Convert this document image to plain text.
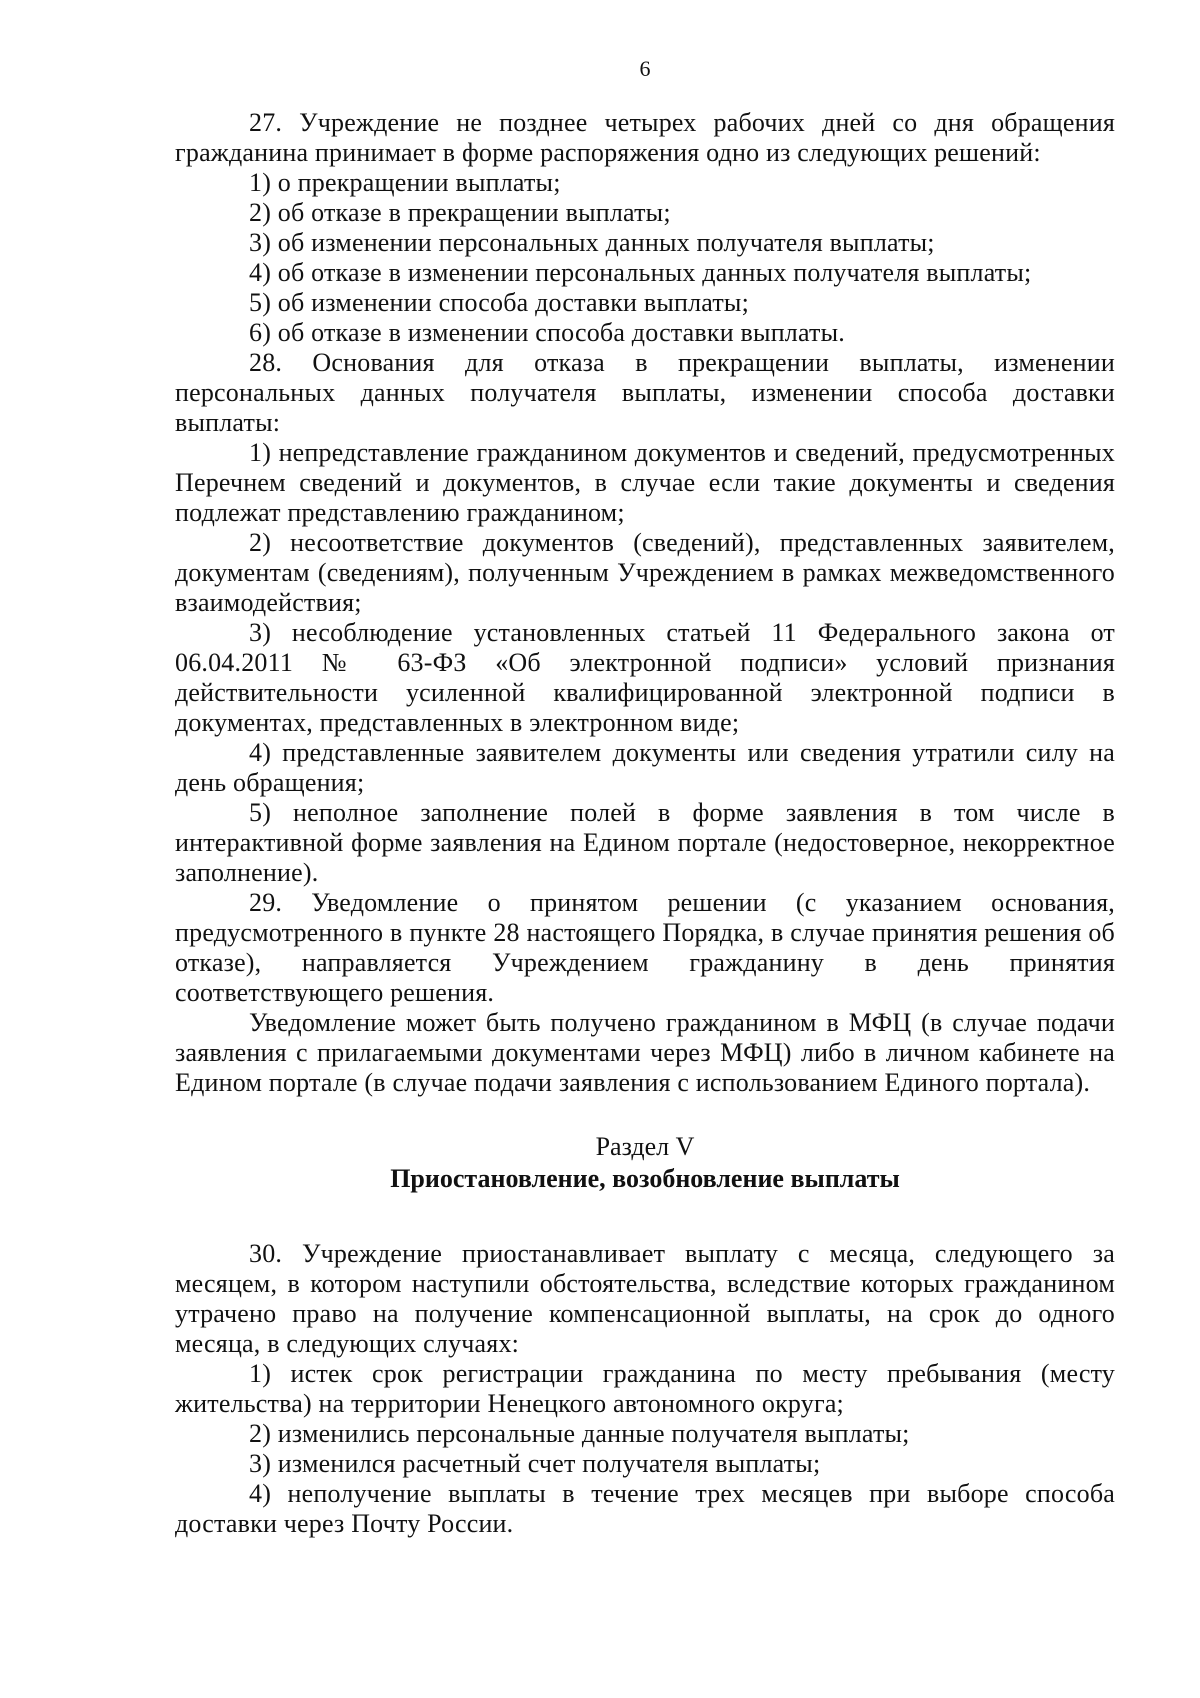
6

27. Учреждение не позднее четырех рабочих дней со дня обращения гражданина принимает в форме распоряжения одно из следующих решений:

1) о прекращении выплаты;

2) об отказе в прекращении выплаты;

3) об изменении персональных данных получателя выплаты;

4) об отказе в изменении персональных данных получателя выплаты;

5) об изменении способа доставки выплаты;

6) об отказе в изменении способа доставки выплаты.

28. Основания для отказа в прекращении выплаты, изменении персональных данных получателя выплаты, изменении способа доставки выплаты:

1) непредставление гражданином документов и сведений, предусмотренных Перечнем сведений и документов, в случае если такие документы и сведения подлежат представлению гражданином;

2) несоответствие документов (сведений), представленных заявителем, документам (сведениям), полученным Учреждением в рамках межведомственного взаимодействия;

3) несоблюдение установленных статьей 11 Федерального закона от 06.04.2011 № 63-ФЗ «Об электронной подписи» условий признания действительности усиленной квалифицированной электронной подписи в документах, представленных в электронном виде;

4) представленные заявителем документы или сведения утратили силу на день обращения;

5) неполное заполнение полей в форме заявления в том числе в интерактивной форме заявления на Едином портале (недостоверное, некорректное заполнение).

29. Уведомление о принятом решении (с указанием основания, предусмотренного в пункте 28 настоящего Порядка, в случае принятия решения об отказе), направляется Учреждением гражданину в день принятия соответствующего решения.

Уведомление может быть получено гражданином в МФЦ (в случае подачи заявления с прилагаемыми документами через МФЦ) либо в личном кабинете на Едином портале (в случае подачи заявления с использованием Единого портала).

Раздел V

Приостановление, возобновление выплаты

30. Учреждение приостанавливает выплату с месяца, следующего за месяцем, в котором наступили обстоятельства, вследствие которых гражданином утрачено право на получение компенсационной выплаты, на срок до одного месяца, в следующих случаях:

1) истек срок регистрации гражданина по месту пребывания (месту жительства) на территории Ненецкого автономного округа;

2) изменились персональные данные получателя выплаты;

3) изменился расчетный счет получателя выплаты;

4) неполучение выплаты в течение трех месяцев при выборе способа доставки через Почту России.
